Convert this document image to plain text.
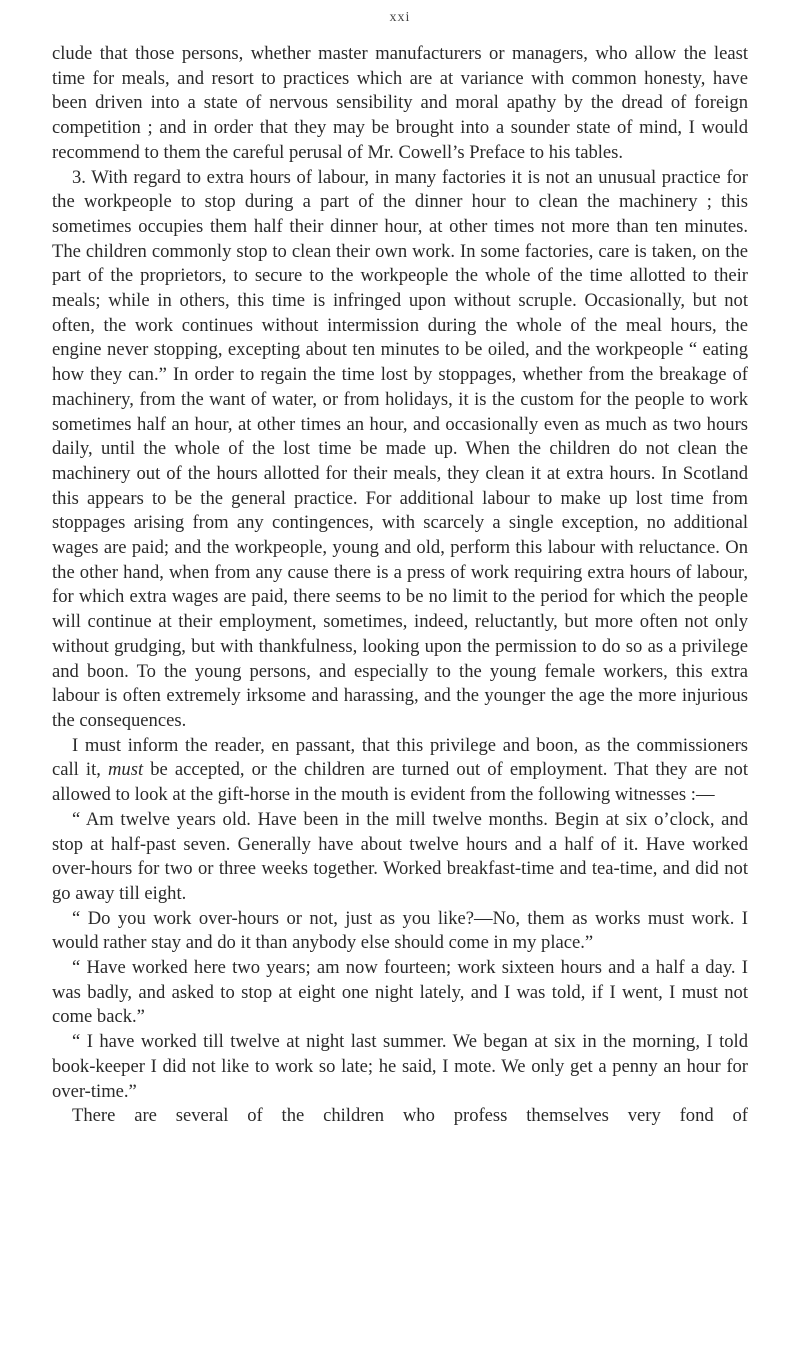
xxi

clude that those persons, whether master manufacturers or managers, who allow the least time for meals, and resort to practices which are at variance with common honesty, have been driven into a state of nervous sensibility and moral apathy by the dread of foreign competition ; and in order that they may be brought into a sounder state of mind, I would recommend to them the careful perusal of Mr. Cowell’s Preface to his tables.

3. With regard to extra hours of labour, in many factories it is not an unusual practice for the workpeople to stop during a part of the dinner hour to clean the machinery ; this sometimes occupies them half their dinner hour, at other times not more than ten minutes. The children commonly stop to clean their own work. In some factories, care is taken, on the part of the proprietors, to secure to the workpeople the whole of the time allotted to their meals; while in others, this time is infringed upon without scruple. Occasionally, but not often, the work continues without intermission during the whole of the meal hours, the engine never stopping, excepting about ten minutes to be oiled, and the workpeople “ eating how they can.” In order to regain the time lost by stoppages, whether from the breakage of machinery, from the want of water, or from holidays, it is the custom for the people to work sometimes half an hour, at other times an hour, and occasionally even as much as two hours daily, until the whole of the lost time be made up. When the children do not clean the machinery out of the hours allotted for their meals, they clean it at extra hours. In Scotland this appears to be the general practice. For additional labour to make up lost time from stoppages arising from any contingences, with scarcely a single exception, no additional wages are paid; and the workpeople, young and old, perform this labour with reluctance. On the other hand, when from any cause there is a press of work requiring extra hours of labour, for which extra wages are paid, there seems to be no limit to the period for which the people will continue at their employment, sometimes, indeed, reluctantly, but more often not only without grudging, but with thankfulness, looking upon the permission to do so as a privilege and boon. To the young persons, and especially to the young female workers, this extra labour is often extremely irksome and harassing, and the younger the age the more injurious the consequences.

I must inform the reader, en passant, that this privilege and boon, as the commissioners call it, must be accepted, or the children are turned out of employment. That they are not allowed to look at the gift-horse in the mouth is evident from the following witnesses :—

“ Am twelve years old. Have been in the mill twelve months. Begin at six o’clock, and stop at half-past seven. Generally have about twelve hours and a half of it. Have worked over-hours for two or three weeks together. Worked breakfast-time and tea-time, and did not go away till eight.

“ Do you work over-hours or not, just as you like?—No, them as works must work. I would rather stay and do it than anybody else should come in my place.”

“ Have worked here two years; am now fourteen; work sixteen hours and a half a day. I was badly, and asked to stop at eight one night lately, and I was told, if I went, I must not come back.”

“ I have worked till twelve at night last summer. We began at six in the morning, I told book-keeper I did not like to work so late; he said, I mote. We only get a penny an hour for over-time.”

There are several of the children who profess themselves very fond of
